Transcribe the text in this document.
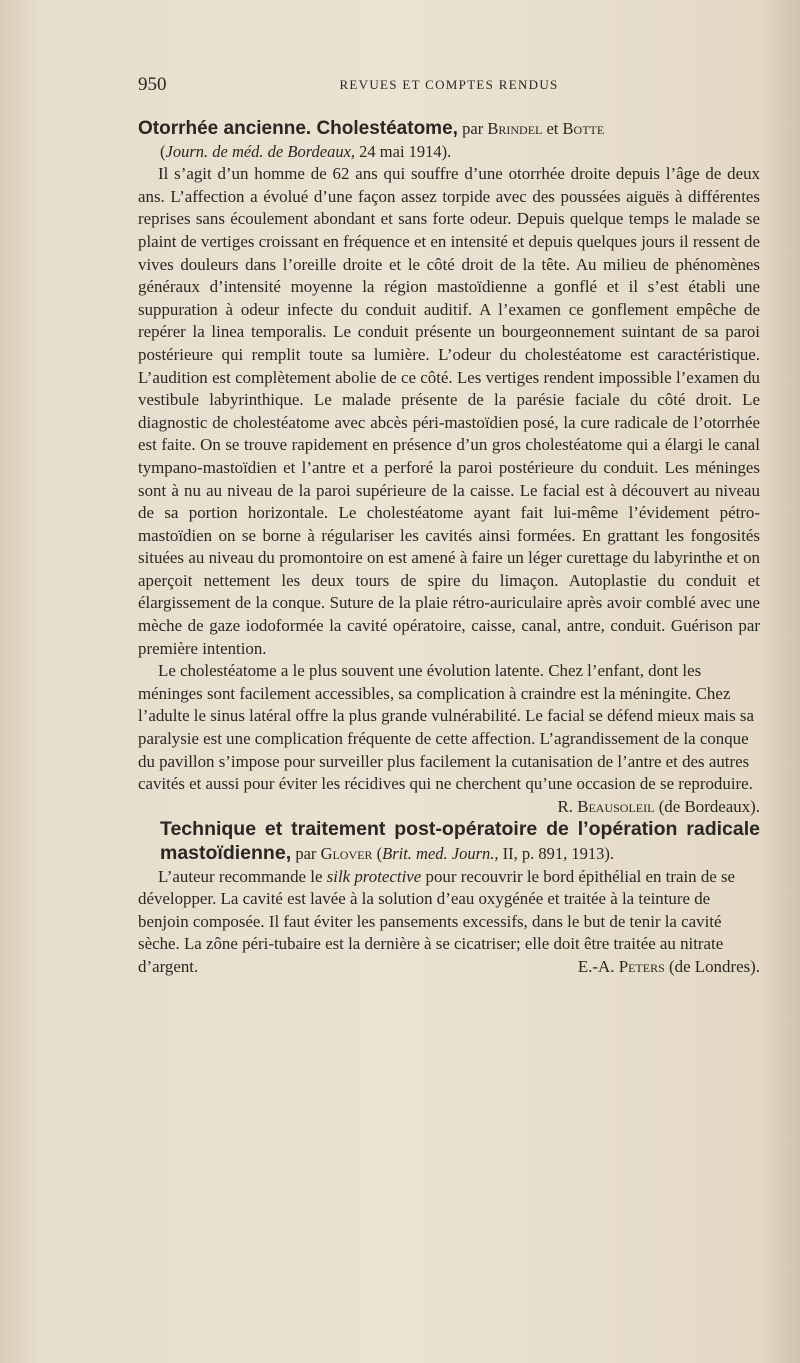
950	REVUES ET COMPTES RENDUS
Otorrhée ancienne. Cholestéatome, par Brindel et Botte
(Journ. de méd. de Bordeaux, 24 mai 1914).

Il s’agit d’un homme de 62 ans qui souffre d’une otorrhée droite depuis l’âge de deux ans. L’affection a évolué d’une façon assez torpide avec des poussées aiguës à différentes reprises sans écoulement abondant et sans forte odeur. Depuis quelque temps le malade se plaint de vertiges croissant en fréquence et en intensité et depuis quelques jours il ressent de vives douleurs dans l’oreille droite et le côté droit de la tête. Au milieu de phénomènes généraux d’intensité moyenne la région mastoïdienne a gonflé et il s’est établi une suppuration à odeur infecte du conduit auditif. A l’examen ce gonflement empêche de repérer la linea temporalis. Le conduit présente un bourgeonnement suintant de sa paroi postérieure qui remplit toute sa lumière. L’odeur du cholestéatome est caractéristique. L’audition est complètement abolie de ce côté. Les vertiges rendent impossible l’examen du vestibule labyrinthique. Le malade présente de la parésie faciale du côté droit. Le diagnostic de cholestéatome avec abcès péri-mastoïdien posé, la cure radicale de l’otorrhée est faite. On se trouve rapidement en présence d’un gros cholestéatome qui a élargi le canal tympano-mastoïdien et l’antre et a perforé la paroi postérieure du conduit. Les méninges sont à nu au niveau de la paroi supérieure de la caisse. Le facial est à découvert au niveau de sa portion horizontale. Le cholestéatome ayant fait lui-même l’évidement pétro-mastoïdien on se borne à régulariser les cavités ainsi formées. En grattant les fongosités situées au niveau du promontoire on est amené à faire un léger curettage du labyrinthe et on aperçoit nettement les deux tours de spire du limaçon. Autoplastie du conduit et élargissement de la conque. Suture de la plaie rétro-auriculaire après avoir comblé avec une mèche de gaze iodoformée la cavité opératoire, caisse, canal, antre, conduit. Guérison par première intention.

Le cholestéatome a le plus souvent une évolution latente. Chez l’enfant, dont les méninges sont facilement accessibles, sa complication à craindre est la méningite. Chez l’adulte le sinus latéral offre la plus grande vulnérabilité. Le facial se défend mieux mais sa paralysie est une complication fréquente de cette affection. L’agrandissement de la conque du pavillon s’impose pour surveiller plus facilement la cutanisation de l’antre et des autres cavités et aussi pour éviter les récidives qui ne cherchent qu’une occasion de se reproduire.
R. Beausoleil (de Bordeaux).

Technique et traitement post-opératoire de l’opération radicale mastoïdienne, par Glover (Brit. med. Journ., II, p. 891, 1913).

L’auteur recommande le silk protective pour recouvrir le bord épithélial en train de se développer. La cavité est lavée à la solution d’eau oxygénée et traitée à la teinture de benjoin composée. Il faut éviter les pansements excessifs, dans le but de tenir la cavité sèche. La zône péri-tubaire est la dernière à se cicatriser; elle doit être traitée au nitrate d’argent.	E.-A. Peters (de Londres).
